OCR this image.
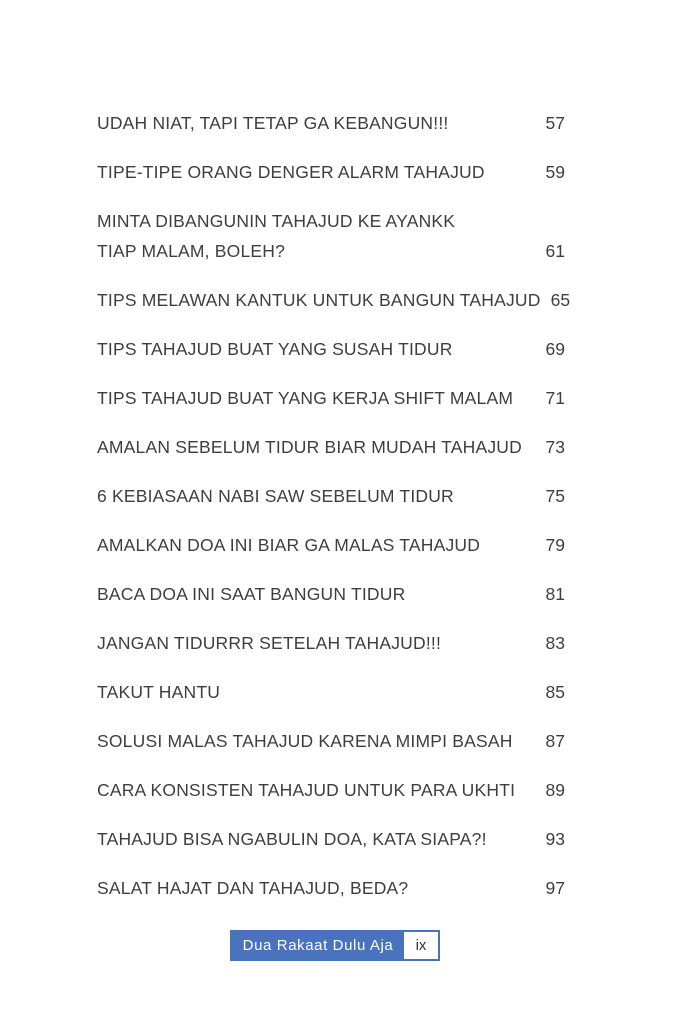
UDAH NIAT, TAPI TETAP GA KEBANGUN!!!	57
TIPE-TIPE ORANG DENGER ALARM TAHAJUD	59
MINTA DIBANGUNIN TAHAJUD KE AYANKK
TIAP MALAM, BOLEH?	61
TIPS MELAWAN KANTUK UNTUK BANGUN TAHAJUD 65
TIPS TAHAJUD BUAT YANG SUSAH TIDUR	69
TIPS TAHAJUD BUAT YANG KERJA SHIFT MALAM	71
AMALAN SEBELUM TIDUR BIAR MUDAH TAHAJUD	73
6 KEBIASAAN NABI SAW SEBELUM TIDUR	75
AMALKAN DOA INI BIAR GA MALAS TAHAJUD	79
BACA DOA INI SAAT BANGUN TIDUR	81
JANGAN TIDURRR SETELAH TAHAJUD!!!	83
TAKUT HANTU	85
SOLUSI MALAS TAHAJUD KARENA MIMPI BASAH	87
CARA KONSISTEN TAHAJUD UNTUK PARA UKHTI	89
TAHAJUD BISA NGABULIN DOA, KATA SIAPA?!	93
SALAT HAJAT DAN TAHAJUD, BEDA?	97
Dua Rakaat Dulu Aja	ix
